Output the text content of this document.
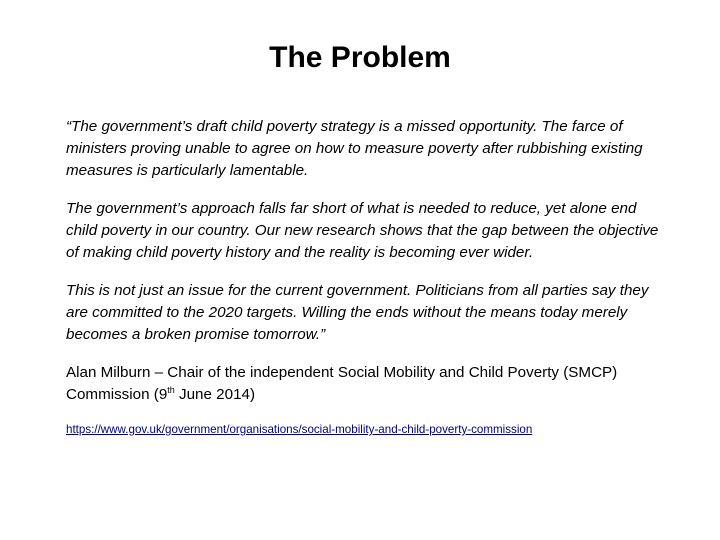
The Problem

“The government’s draft child poverty strategy is a missed opportunity. The farce of ministers proving unable to agree on how to measure poverty after rubbishing existing measures is particularly lamentable.

The government’s approach falls far short of what is needed to reduce, yet alone end child poverty in our country. Our new research shows that the gap between the objective of making child poverty history and the reality is becoming ever wider.

This is not just an issue for the current government. Politicians from all parties say they are committed to the 2020 targets. Willing the ends without the means today merely becomes a broken promise tomorrow.”

Alan Milburn – Chair of the independent Social Mobility and Child Poverty (SMCP) Commission (9th June 2014)

https://www.gov.uk/government/organisations/social-mobility-and-child-poverty-commission
